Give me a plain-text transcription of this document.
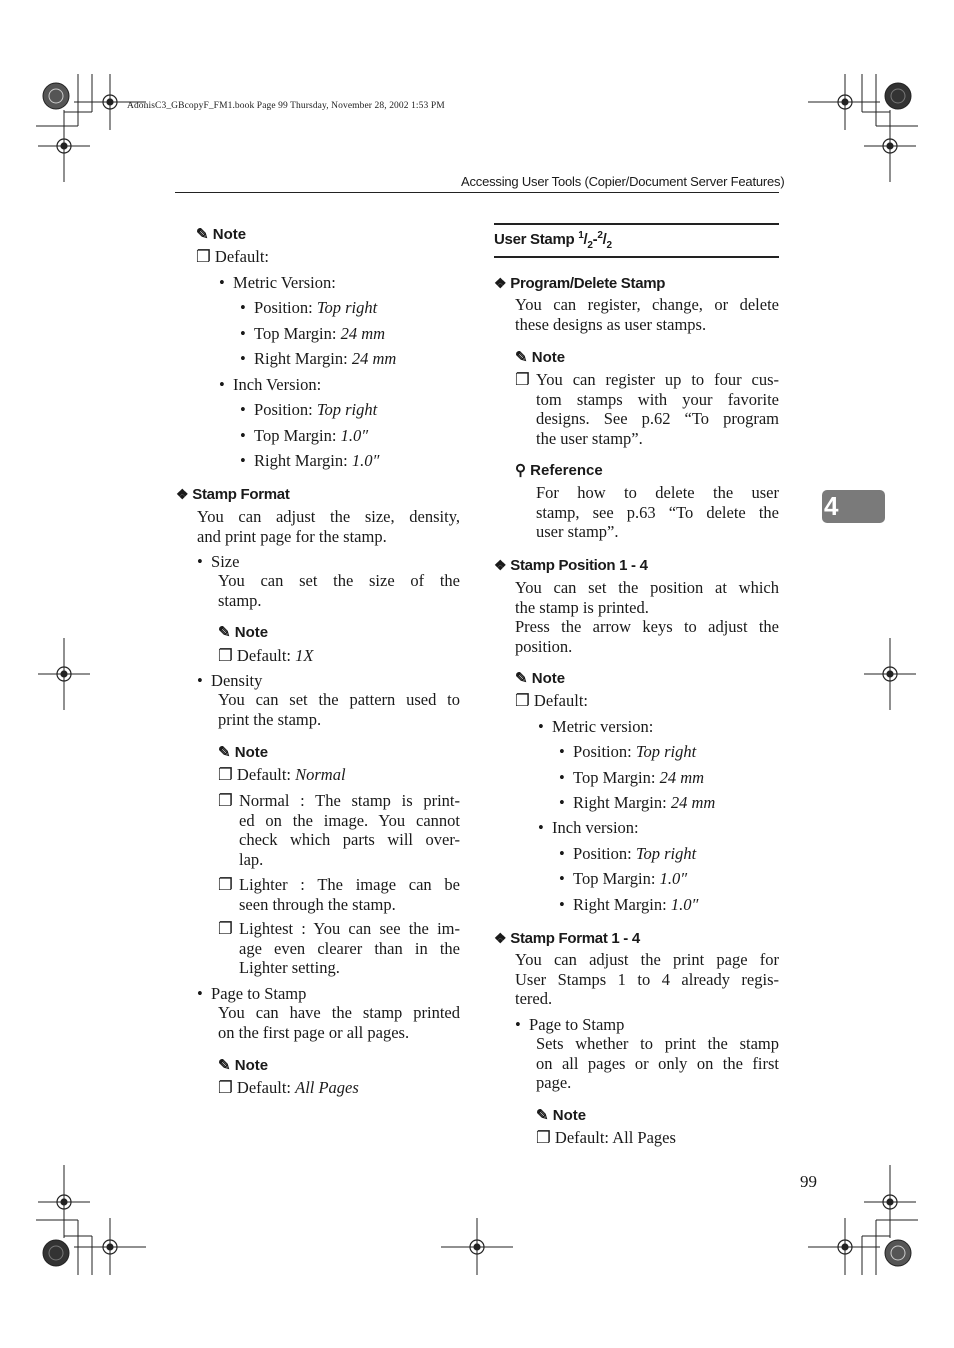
AdonisC3_GBcopyF_FM1.book Page 99 Thursday, November 28, 2002 1:53 PM
Accessing User Tools (Copier/Document Server Features)
4
✎ Note
❐ Default:
•  Metric Version:
•  Position: Top right
•  Top Margin: 24 mm
•  Right Margin: 24 mm
•  Inch Version:
•  Position: Top right
•  Top Margin: 1.0″
•  Right Margin: 1.0″
❖ Stamp Format
You can adjust the size, density,
and print page for the stamp.
•  Size
You can set the size of the
stamp.
✎ Note
❐ Default: 1X
•  Density
You can set the pattern used to
print the stamp.
✎ Note
❐ Default: Normal
❐ Normal : The stamp is print-
ed on the image. You cannot
check which parts will over-
lap.
❐ Lighter : The image can be
seen through the stamp.
❐ Lightest : You can see the im-
age even clearer than in the
Lighter setting.
•  Page to Stamp
You can have the stamp printed
on the first page or all pages.
✎ Note
❐ Default: All Pages
User Stamp $^1/_2-^2/_2$
❖ Program/Delete Stamp
You can register, change, or delete
these designs as user stamps.
✎ Note
❐ You can register up to four cus-
tom stamps with your favorite
designs. See p.62 “To program
the user stamp”.
⚲ Reference
For how to delete the user
stamp, see p.63 “To delete the
user stamp”.
❖ Stamp Position 1 - 4
You can set the position at which
the stamp is printed.
Press the arrow keys to adjust the
position.
✎ Note
❐ Default:
•  Metric version:
•  Position: Top right
•  Top Margin: 24 mm
•  Right Margin: 24 mm
•  Inch version:
•  Position: Top right
•  Top Margin: 1.0″
•  Right Margin: 1.0″
❖ Stamp Format 1 - 4
You can adjust the print page for
User Stamps 1 to 4 already regis-
tered.
•  Page to Stamp
Sets whether to print the stamp
on all pages or only on the first
page.
✎ Note
❐ Default: All Pages
99
